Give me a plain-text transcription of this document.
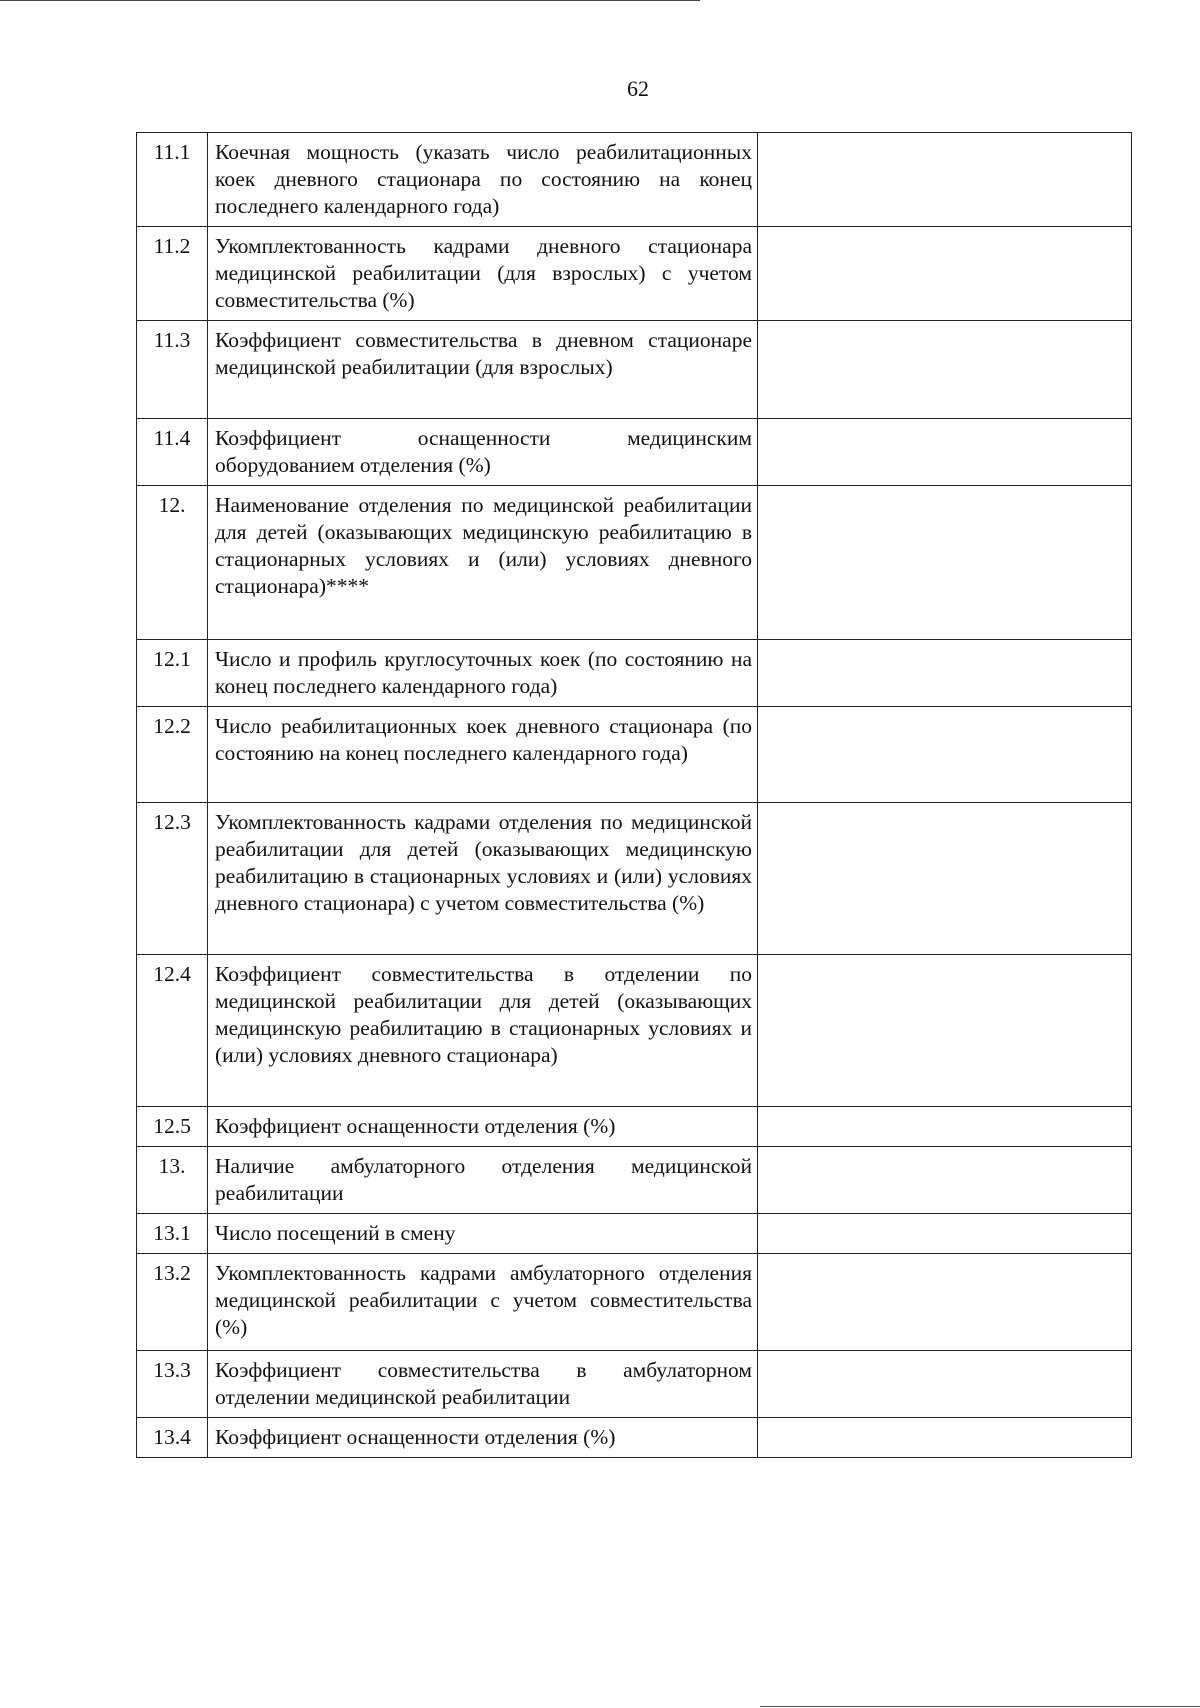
62
11.1	Коечная мощность (указать число реабилитационных коек дневного стационара по состоянию на конец последнего календарного года)	
11.2	Укомплектованность кадрами дневного стационара медицинской реабилитации (для взрослых) с учетом совместительства (%)	
11.3	Коэффициент совместительства в дневном стационаре медицинской реабилитации (для взрослых)	
11.4	Коэффициент оснащенности медицинским оборудованием отделения (%)	
12.	Наименование отделения по медицинской реабилитации для детей (оказывающих медицинскую реабилитацию в стационарных условиях и (или) условиях дневного стационара)****	
12.1	Число и профиль круглосуточных коек (по состоянию на конец последнего календарного года)	
12.2	Число реабилитационных коек дневного стационара (по состоянию на конец последнего календарного года)	
12.3	Укомплектованность кадрами отделения по медицинской реабилитации для детей (оказывающих медицинскую реабилитацию в стационарных условиях и (или) условиях дневного стационара) с учетом совместительства (%)	
12.4	Коэффициент совместительства в отделении по медицинской реабилитации для детей (оказывающих медицинскую реабилитацию в стационарных условиях и (или) условиях дневного стационара)	
12.5	Коэффициент оснащенности отделения (%)	
13.	Наличие амбулаторного отделения медицинской реабилитации	
13.1	Число посещений в смену	
13.2	Укомплектованность кадрами амбулаторного отделения медицинской реабилитации с учетом совместительства (%)	
13.3	Коэффициент совместительства в амбулаторном отделении медицинской реабилитации	
13.4	Коэффициент оснащенности отделения (%)	
